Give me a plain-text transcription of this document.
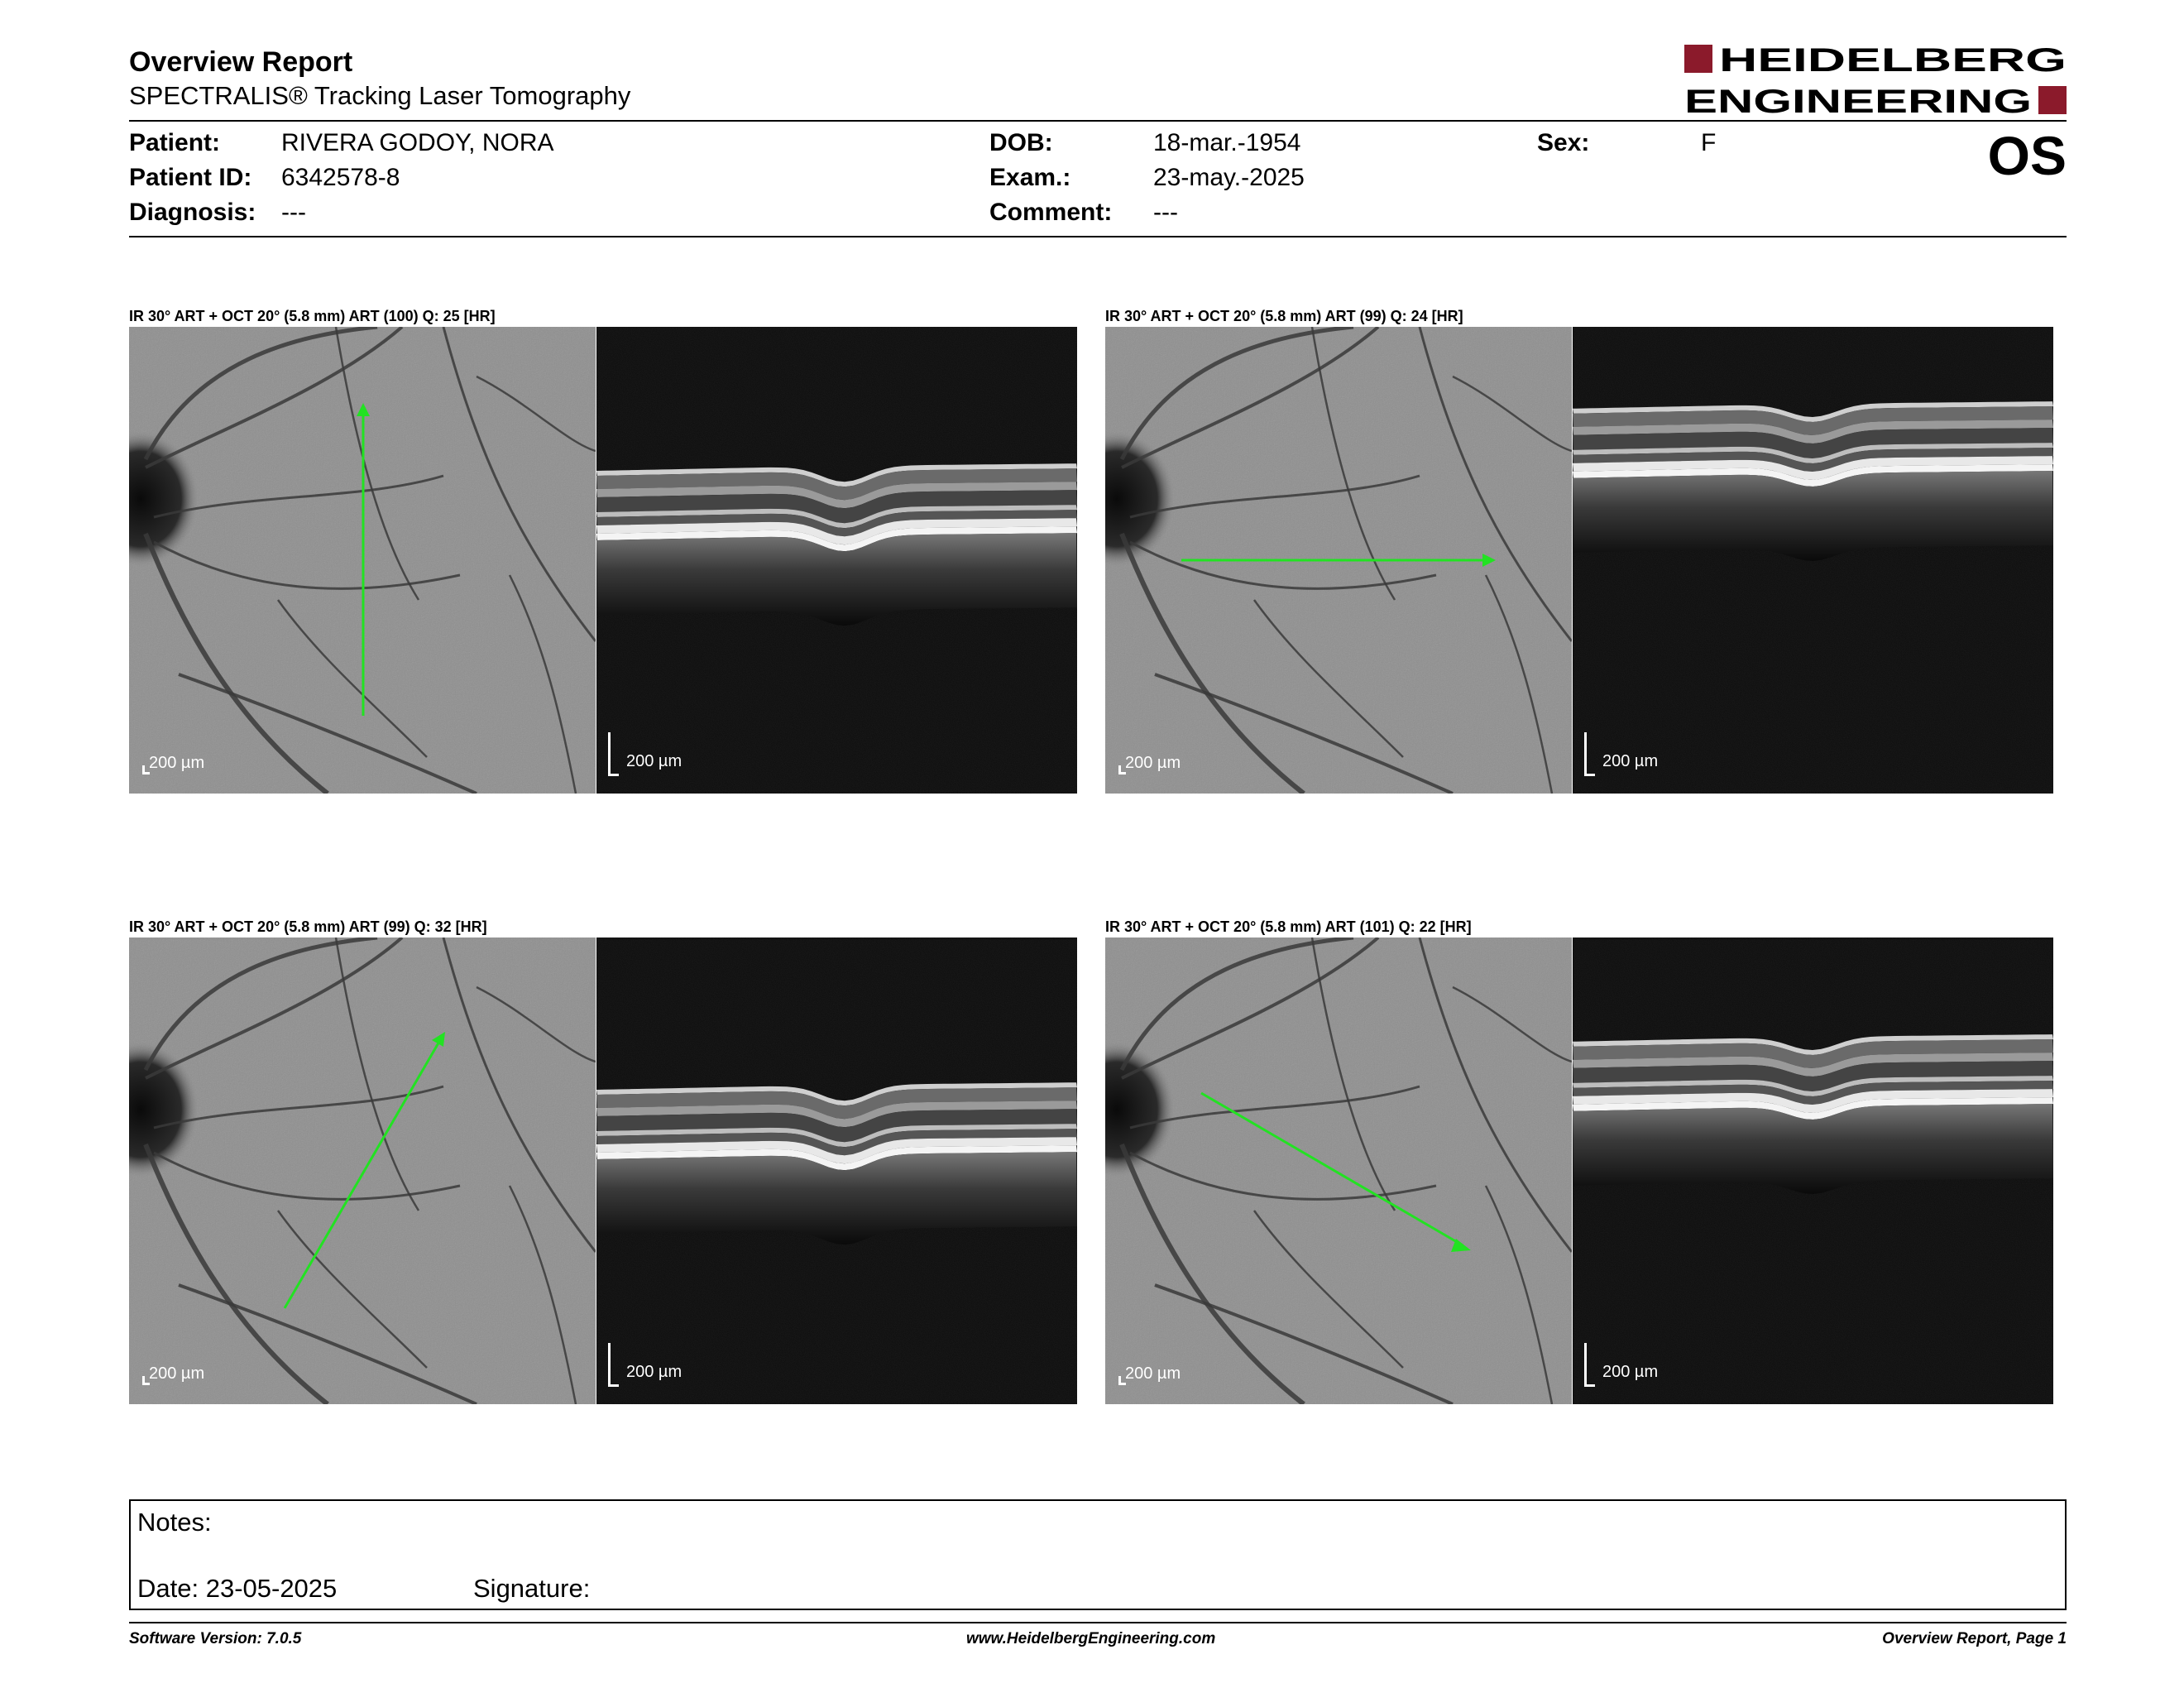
Overview Report
SPECTRALIS® Tracking Laser Tomography
HEIDELBERG
ENGINEERING
Patient: RIVERA GODOY, NORA
Patient ID: 6342578-8
Diagnosis: ---
DOB:	18-mar.-1954
Exam.:	23-may.-2025
Comment: ---
Sex:	F	OS
IR 30° ART + OCT 20° (5.8 mm) ART (100) Q: 25 [HR]
200 µm	200 µm
IR 30° ART + OCT 20° (5.8 mm) ART (99) Q: 24 [HR]
200 µm	200 µm
IR 30° ART + OCT 20° (5.8 mm) ART (99) Q: 32 [HR]
200 µm	200 µm
IR 30° ART + OCT 20° (5.8 mm) ART (101) Q: 22 [HR]
200 µm	200 µm
Notes:
Date: 23-05-2025	Signature:
Software Version: 7.0.5	www.HeidelbergEngineering.com	Overview Report, Page 1
